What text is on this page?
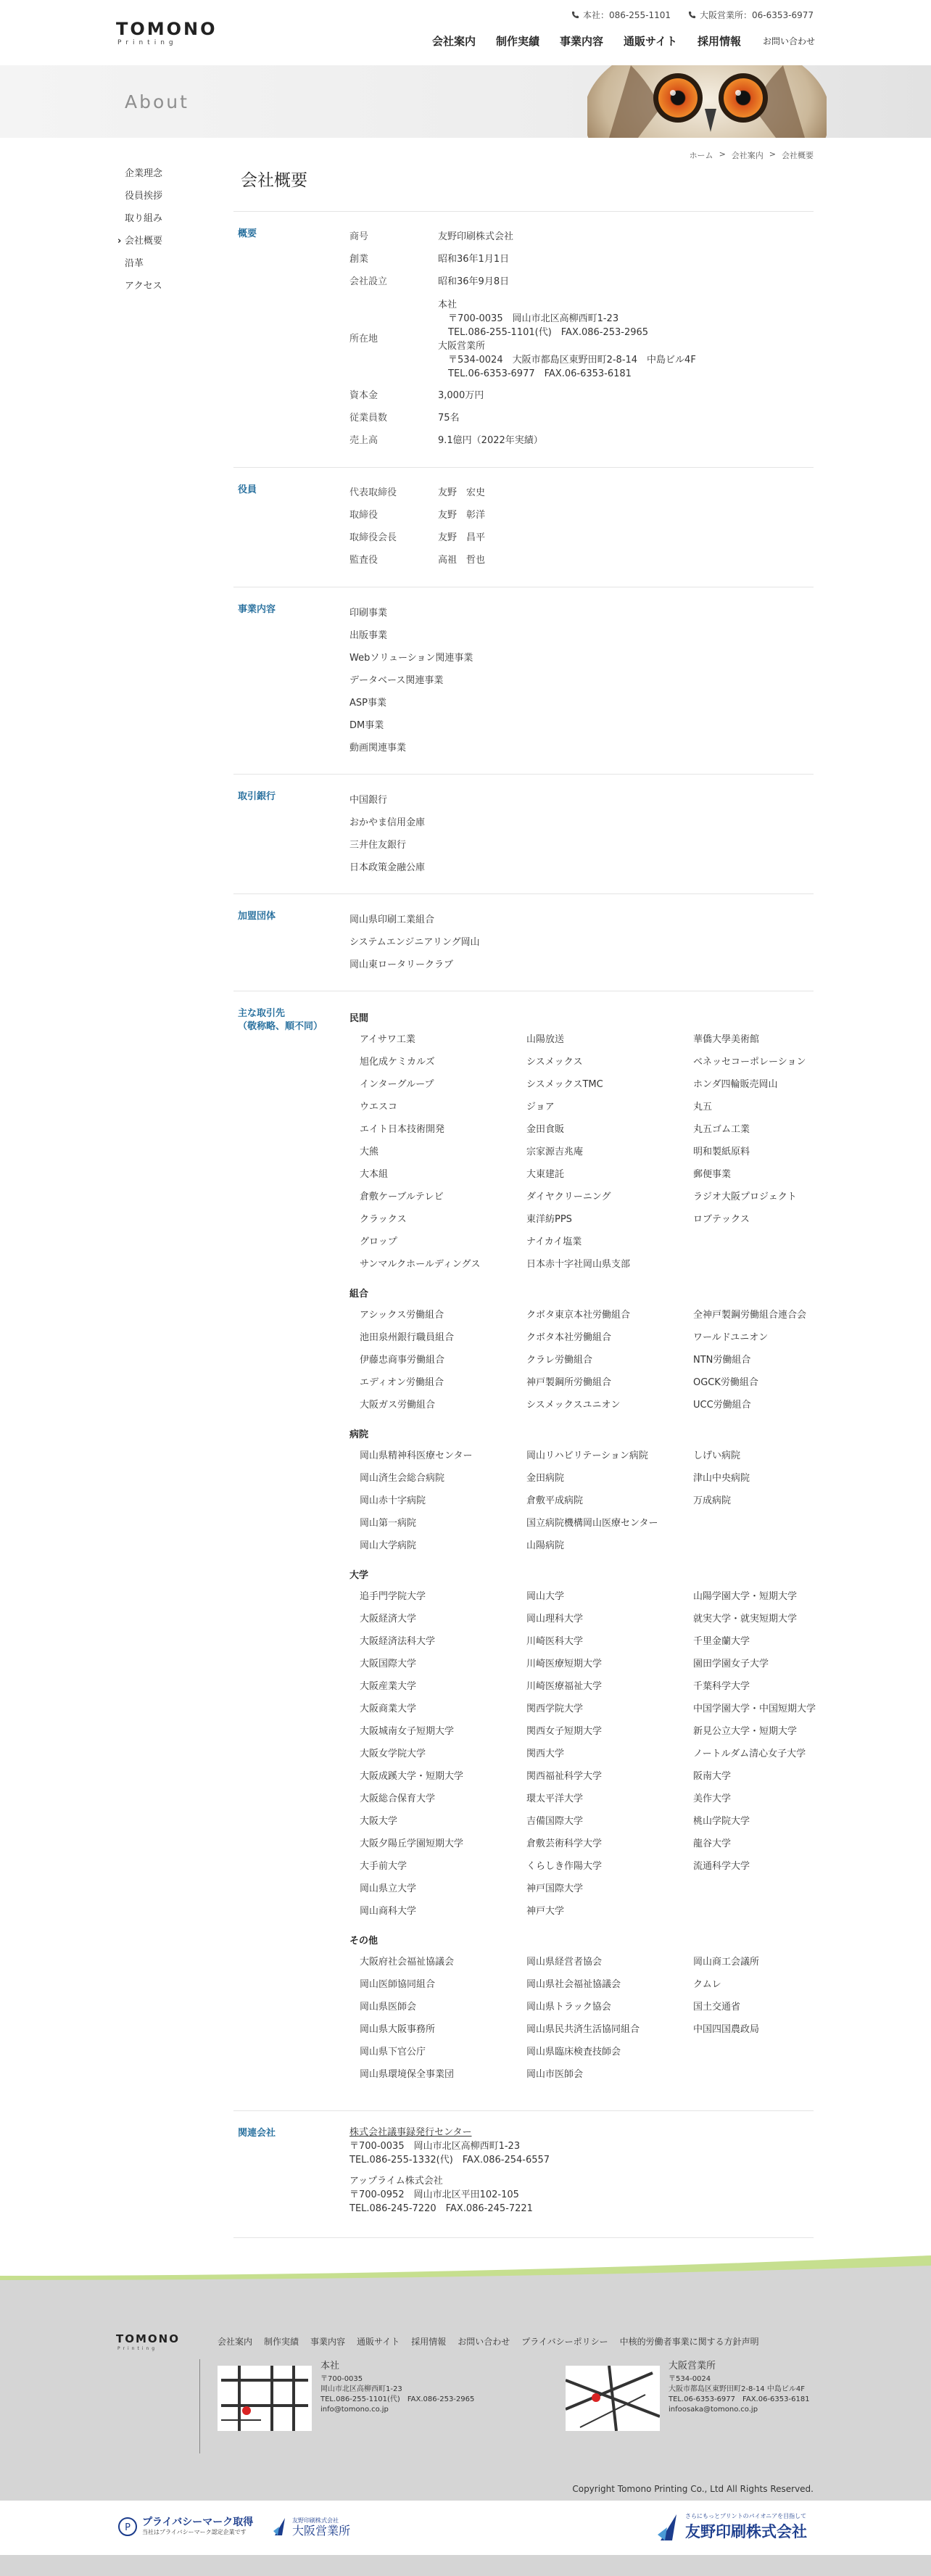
TOMONO
Printing
本社：086-255-1101	大阪営業所：06-6353-6977
会社案内 制作実績 事業内容 通販サイト 採用情報	お問い合わせ
About
ホーム > 会社案内 > 会社概要
企業理念
役員挨拶
取り組み
› 会社概要
沿革
アクセス
会社概要
概要	商号	友野印刷株式会社
創業	昭和36年1月1日
会社設立	昭和36年9月8日
所在地
本社
〒700-0035　岡山市北区高柳西町1-23
TEL.086-255-1101(代)　FAX.086-253-2965
大阪営業所
〒534-0024　大阪市都島区東野田町2-8-14　中島ビル4F
TEL.06-6353-6977　FAX.06-6353-6181
資本金	3,000万円
従業員数	75名
売上高	9.1億円（2022年実績）
役員	代表取締役	友野　宏史
取締役	友野　彰洋
取締役会長	友野　昌平
監査役	高祖　哲也
事業内容	印刷事業
出版事業
Webソリューション関連事業
データベース関連事業
ASP事業
DM事業
動画関連事業
取引銀行	中国銀行
おかやま信用金庫
三井住友銀行
日本政策金融公庫
加盟団体	岡山県印刷工業組合
システムエンジニアリング岡山
岡山東ロータリークラブ
主な取引先
（敬称略、順不同）
民間
アイサワ工業	山陽放送	華僑大學美術館
旭化成ケミカルズ	シスメックス	ベネッセコーポレーション
インターグループ	シスメックスTMC	ホンダ四輪販売岡山
ウエスコ	ジョア	丸五
エイト日本技術開発	金田食販	丸五ゴム工業
大熊	宗家源吉兆庵	明和製紙原料
大本組	大東建託	郵便事業
倉敷ケーブルテレビ	ダイヤクリーニング	ラジオ大阪プロジェクト
クラックス	東洋紡PPS	ロブテックス
グロップ	ナイカイ塩業
サンマルクホールディングス	日本赤十字社岡山県支部
組合
アシックス労働組合	クボタ東京本社労働組合	全神戸製鋼労働組合連合会
池田泉州銀行職員組合	クボタ本社労働組合	ワールドユニオン
伊藤忠商事労働組合	クラレ労働組合	NTN労働組合
エディオン労働組合	神戸製鋼所労働組合	OGCK労働組合
大阪ガス労働組合	シスメックスユニオン	UCC労働組合
病院
岡山県精神科医療センター	岡山リハビリテーション病院	しげい病院
岡山済生会総合病院	金田病院	津山中央病院
岡山赤十字病院	倉敷平成病院	万成病院
岡山第一病院	国立病院機構岡山医療センター
岡山大学病院	山陽病院
大学
追手門学院大学	岡山大学	山陽学園大学・短期大学
大阪経済大学	岡山理科大学	就実大学・就実短期大学
大阪経済法科大学	川崎医科大学	千里金蘭大学
大阪国際大学	川崎医療短期大学	園田学園女子大学
大阪産業大学	川崎医療福祉大学	千葉科学大学
大阪商業大学	関西学院大学	中国学園大学・中国短期大学
大阪城南女子短期大学	関西女子短期大学	新見公立大学・短期大学
大阪女学院大学	関西大学	ノートルダム清心女子大学
大阪成蹊大学・短期大学	関西福祉科学大学	阪南大学
大阪総合保育大学	環太平洋大学	美作大学
大阪大学	吉備国際大学	桃山学院大学
大阪夕陽丘学園短期大学	倉敷芸術科学大学	龍谷大学
大手前大学	くらしき作陽大学	流通科学大学
岡山県立大学	神戸国際大学
岡山商科大学	神戸大学
その他
大阪府社会福祉協議会	岡山県経営者協会	岡山商工会議所
岡山医師協同組合	岡山県社会福祉協議会	クムレ
岡山県医師会	岡山県トラック協会	国土交通省
岡山県大阪事務所	岡山県民共済生活協同組合	中国四国農政局
岡山県下官公庁	岡山県臨床検査技師会
岡山県環境保全事業団	岡山市医師会
関連会社	株式会社議事録発行センター

〒700-0035　岡山市北区高柳西町1-23

TEL.086-255-1332(代)　FAX.086-254-6557

アップライム株式会社

〒700-0952　岡山市北区平田102-105

TEL.086-245-7220　FAX.086-245-7221

TOMONO
Printing
会社案内 制作実績 事業内容 通販サイト 採用情報 お問い合わせ プライバシーポリシー 中核的労働者事業に関する方針声明
本社
〒700-0035
岡山市北区高柳西町1-23
TEL.086-255-1101(代)　FAX.086-253-2965
info@tomono.co.jp
大阪営業所
〒534-0024
大阪市都島区東野田町2-8-14 中島ビル4F
TEL.06-6353-6977　FAX.06-6353-6181
infoosaka@tomono.co.jp
Copyright Tomono Printing Co., Ltd All Rights Reserved.
P プライバシーマーク取得
当社はプライバシーマーク認定企業です
友野印刷株式会社
大阪営業所
さらにもっとプリントのパイオニアを目指して
友野印刷株式会社
